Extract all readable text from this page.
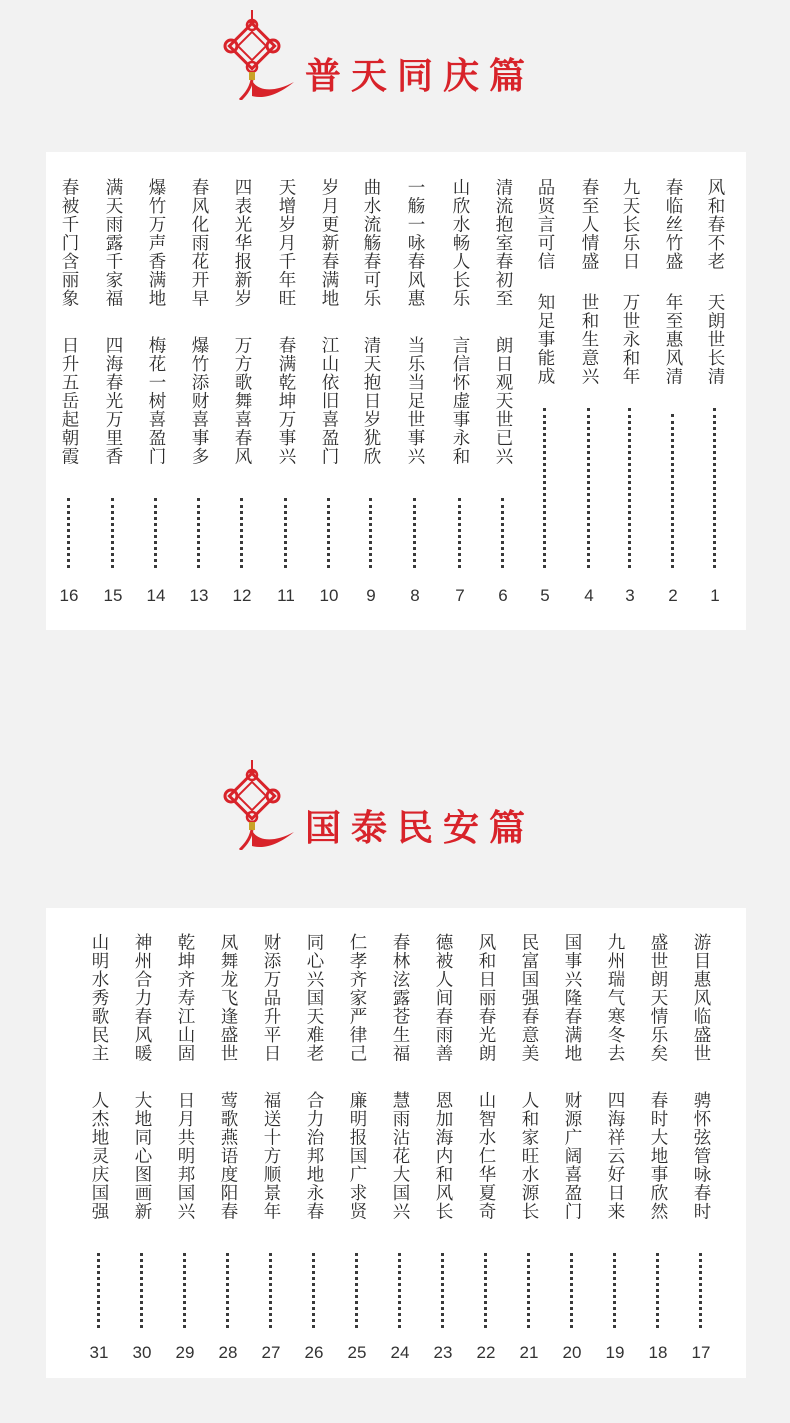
普天同庆篇
风和春不老
天朗世长清
1
春临丝竹盛
年至惠风清
2
九天长乐日
万世永和年
3
春至人情盛
世和生意兴
4
品贤言可信
知足事能成
5
清流抱室春初至
朗日观天世已兴
6
山欣水畅人长乐
言信怀虚事永和
7
一觞一咏春风惠
当乐当足世事兴
8
曲水流觞春可乐
清天抱日岁犹欣
9
岁月更新春满地
江山依旧喜盈门
10
天增岁月千年旺
春满乾坤万事兴
11
四表光华报新岁
万方歌舞喜春风
12
春风化雨花开早
爆竹添财喜事多
13
爆竹万声香满地
梅花一树喜盈门
14
满天雨露千家福
四海春光万里香
15
春被千门含丽象
日升五岳起朝霞
16
国泰民安篇
游目惠风临盛世
骋怀弦管咏春时
17
盛世朗天情乐矣
春时大地事欣然
18
九州瑞气寒冬去
四海祥云好日来
19
国事兴隆春满地
财源广阔喜盈门
20
民富国强春意美
人和家旺水源长
21
风和日丽春光朗
山智水仁华夏奇
22
德被人间春雨善
恩加海内和风长
23
春林泫露苍生福
慧雨沾花大国兴
24
仁孝齐家严律己
廉明报国广求贤
25
同心兴国天难老
合力治邦地永春
26
财添万品升平日
福送十方顺景年
27
凤舞龙飞逢盛世
莺歌燕语度阳春
28
乾坤齐寿江山固
日月共明邦国兴
29
神州合力春风暖
大地同心图画新
30
山明水秀歌民主
人杰地灵庆国强
31
